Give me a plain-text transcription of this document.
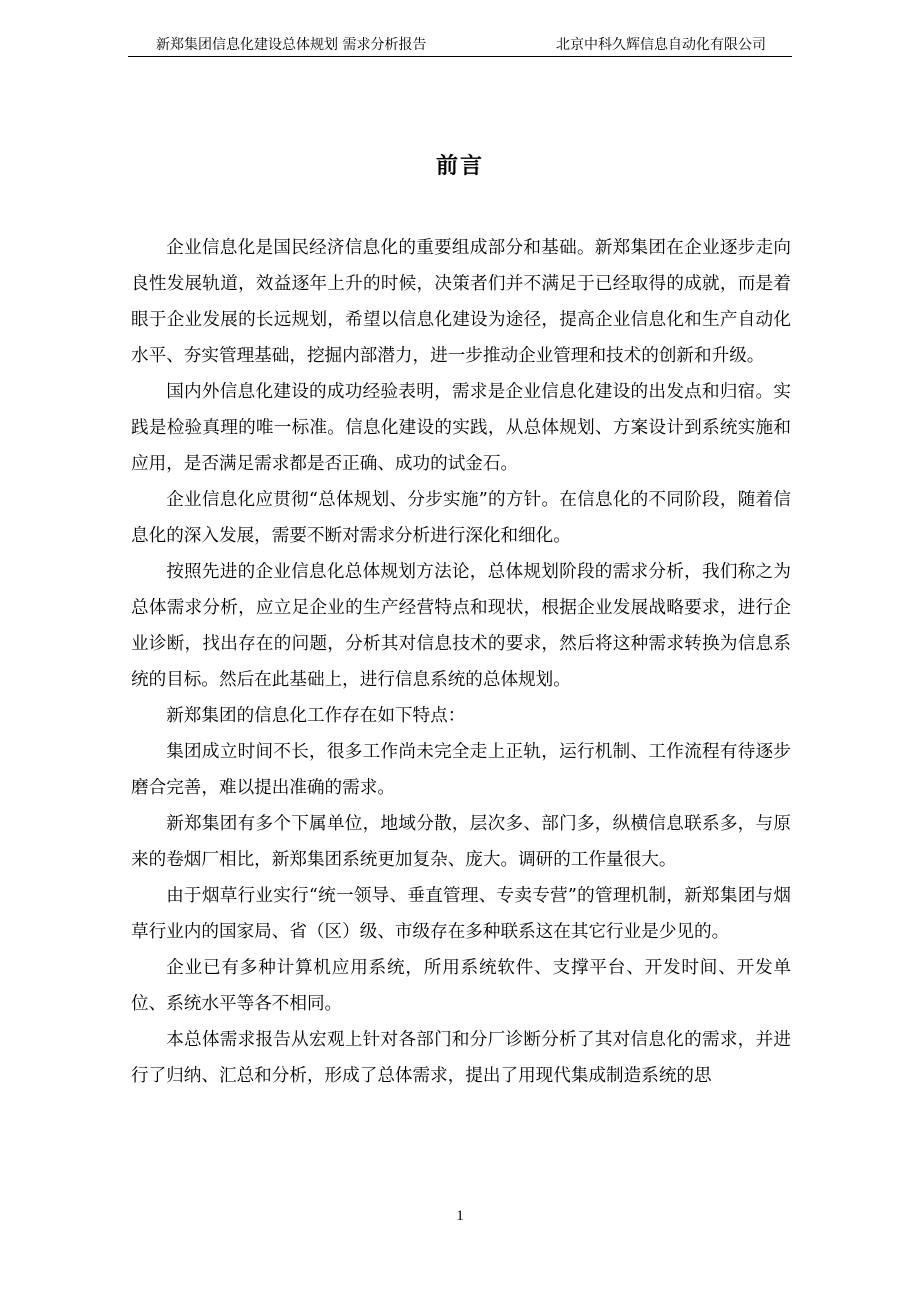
新郑集团信息化建设总体规划 需求分析报告	北京中科久辉信息自动化有限公司
前言

企业信息化是国民经济信息化的重要组成部分和基础。新郑集团在企业逐步走向良性发展轨道，效益逐年上升的时候，决策者们并不满足于已经取得的成就，而是着眼于企业发展的长远规划，希望以信息化建设为途径，提高企业信息化和生产自动化水平、夯实管理基础，挖掘内部潜力，进一步推动企业管理和技术的创新和升级。

国内外信息化建设的成功经验表明，需求是企业信息化建设的出发点和归宿。实践是检验真理的唯一标准。信息化建设的实践，从总体规划、方案设计到系统实施和应用，是否满足需求都是否正确、成功的试金石。

企业信息化应贯彻“总体规划、分步实施”的方针。在信息化的不同阶段，随着信息化的深入发展，需要不断对需求分析进行深化和细化。

按照先进的企业信息化总体规划方法论，总体规划阶段的需求分析，我们称之为总体需求分析，应立足企业的生产经营特点和现状，根据企业发展战略要求，进行企业诊断，找出存在的问题，分析其对信息技术的要求，然后将这种需求转换为信息系统的目标。然后在此基础上，进行信息系统的总体规划。

新郑集团的信息化工作存在如下特点：

集团成立时间不长，很多工作尚未完全走上正轨，运行机制、工作流程有待逐步磨合完善，难以提出准确的需求。

新郑集团有多个下属单位，地域分散，层次多、部门多，纵横信息联系多，与原来的卷烟厂相比，新郑集团系统更加复杂、庞大。调研的工作量很大。

由于烟草行业实行“统一领导、垂直管理、专卖专营”的管理机制，新郑集团与烟草行业内的国家局、省（区）级、市级存在多种联系这在其它行业是少见的。

企业已有多种计算机应用系统，所用系统软件、支撑平台、开发时间、开发单位、系统水平等各不相同。

本总体需求报告从宏观上针对各部门和分厂诊断分析了其对信息化的需求，并进行了归纳、汇总和分析，形成了总体需求，提出了用现代集成制造系统的思

1
